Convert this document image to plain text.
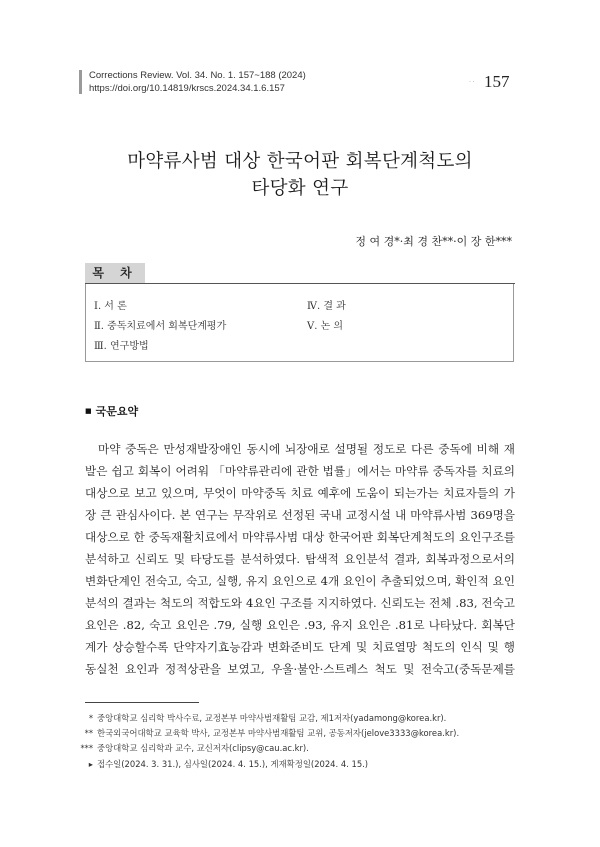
Corrections Review. Vol. 34. No. 1. 157~188 (2024)
https://doi.org/10.14819/krscs.2024.34.1.6.157
· · 157
마약류사범 대상 한국어판 회복단계척도의
타당화 연구
정 여 경*·최 경 찬**·이 장 한***
목 차
Ⅰ. 서 론
Ⅱ. 중독치료에서 회복단계평가
Ⅲ. 연구방법
Ⅳ. 결 과
Ⅴ. 논 의
■ 국문요약
마약 중독은 만성재발장애인 동시에 뇌장애로 설명될 정도로 다른 중독에 비해 재
발은 쉽고 회복이 어려워 「마약류관리에 관한 법률」에서는 마약류 중독자를 치료의
대상으로 보고 있으며, 무엇이 마약중독 치료 예후에 도움이 되는가는 치료자들의 가
장 큰 관심사이다. 본 연구는 무작위로 선정된 국내 교정시설 내 마약류사범 369명을
대상으로 한 중독재활치료에서 마약류사범 대상 한국어판 회복단계척도의 요인구조를
분석하고 신뢰도 및 타당도를 분석하였다. 탐색적 요인분석 결과, 회복과정으로서의
변화단계인 전숙고, 숙고, 실행, 유지 요인으로 4개 요인이 추출되었으며, 확인적 요인
분석의 결과는 척도의 적합도와 4요인 구조를 지지하였다. 신뢰도는 전체 .83, 전숙고
요인은 .82, 숙고 요인은 .79, 실행 요인은 .93, 유지 요인은 .81로 나타났다. 회복단
계가 상승할수록 단약자기효능감과 변화준비도 단계 및 치료열망 척도의 인식 및 행
동실천 요인과 정적상관을 보였고, 우울·불안·스트레스 척도 및 전숙고(중독문제를
* 중앙대학교 심리학 박사수료, 교정본부 마약사범재활팀 교감, 제1저자(yadamong@korea.kr).
** 한국외국어대학교 교육학 박사, 교정본부 마약사범재활팀 교위, 공동저자(jelove3333@korea.kr).
*** 중앙대학교 심리학과 교수, 교신저자(clipsy@cau.ac.kr).
▸ 접수일(2024. 3. 31.), 심사일(2024. 4. 15.), 게재확정일(2024. 4. 15.)
